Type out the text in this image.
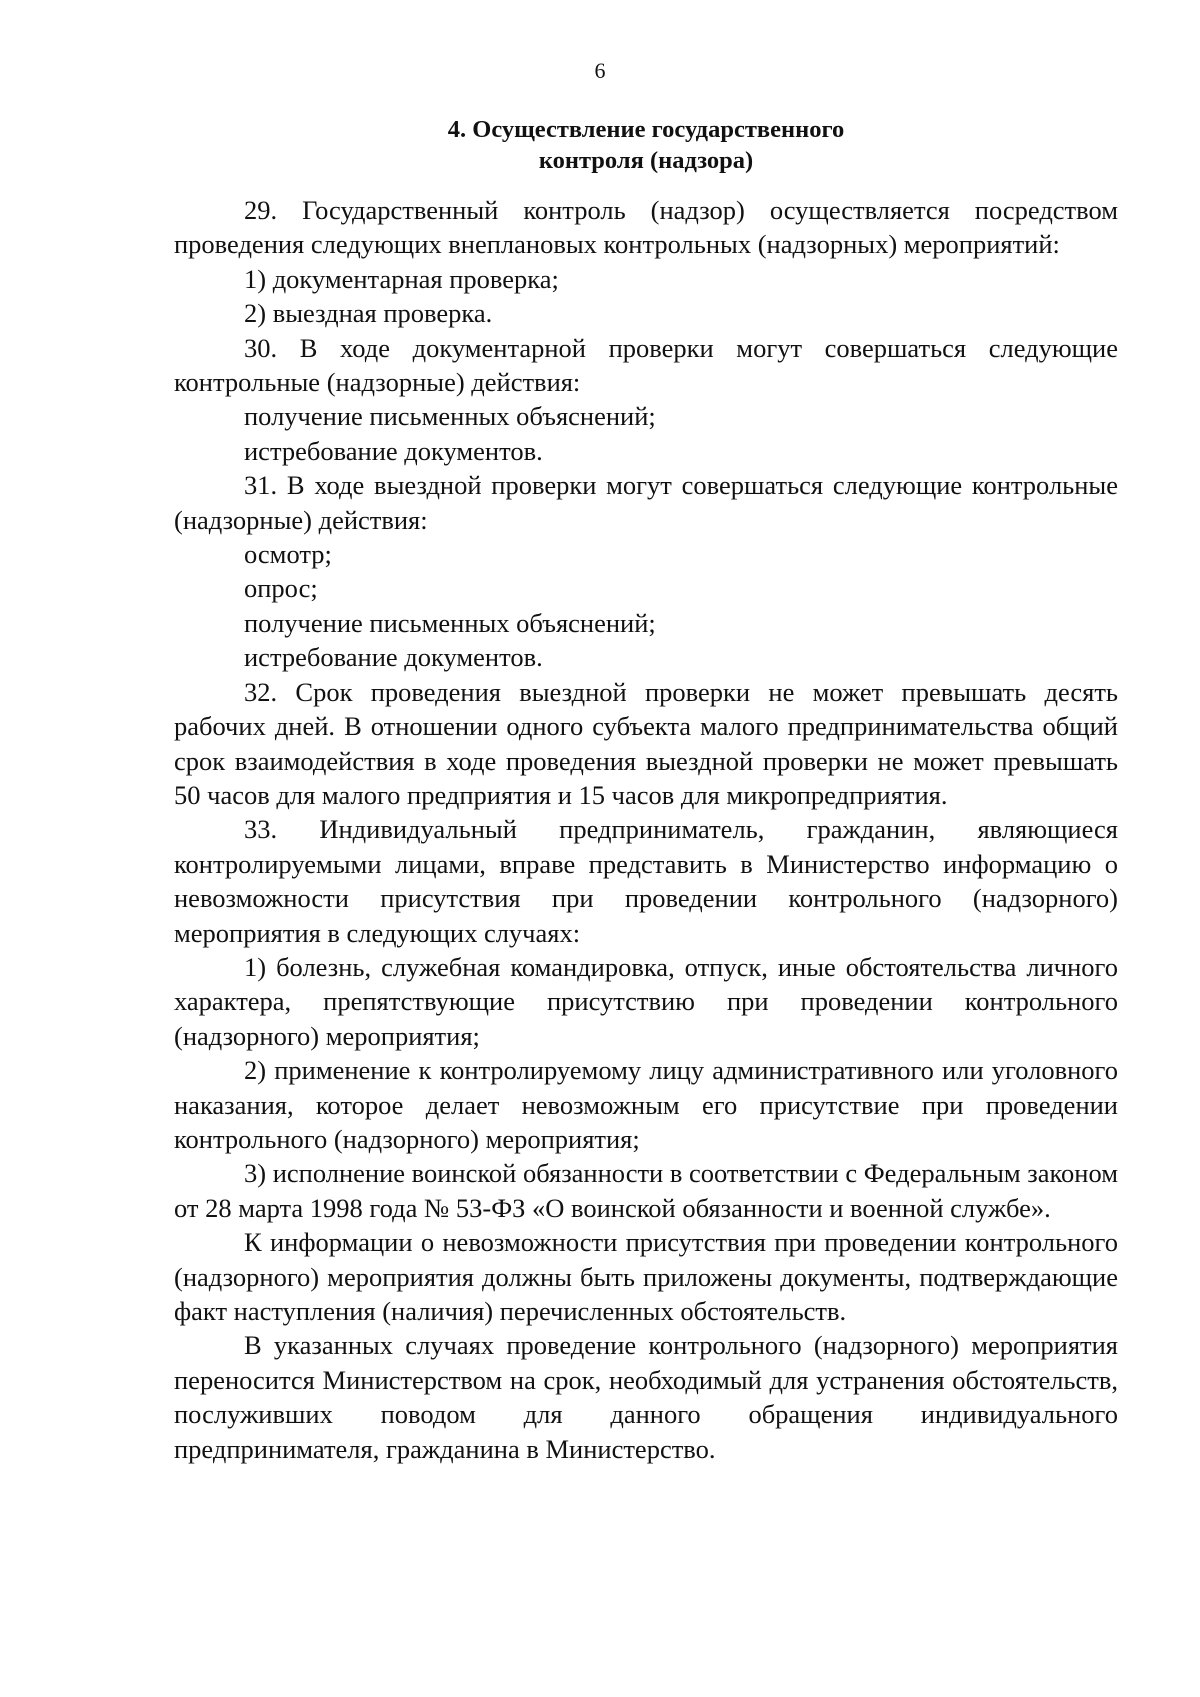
6
4. Осуществление государственного
контроля (надзора)

29. Государственный контроль (надзор) осуществляется посредством проведения следующих внеплановых контрольных (надзорных) мероприятий:

1) документарная проверка;

2) выездная проверка.

30. В ходе документарной проверки могут совершаться следующие контрольные (надзорные) действия:

получение письменных объяснений;

истребование документов.

31. В ходе выездной проверки могут совершаться следующие контрольные (надзорные) действия:

осмотр;

опрос;

получение письменных объяснений;

истребование документов.

32. Срок проведения выездной проверки не может превышать десять рабочих дней. В отношении одного субъекта малого предпринимательства общий срок взаимодействия в ходе проведения выездной проверки не может превышать 50 часов для малого предприятия и 15 часов для микропредприятия.

33. Индивидуальный предприниматель, гражданин, являющиеся контролируемыми лицами, вправе представить в Министерство информацию о невозможности присутствия при проведении контрольного (надзорного) мероприятия в следующих случаях:

1) болезнь, служебная командировка, отпуск, иные обстоятельства личного характера, препятствующие присутствию при проведении контрольного (надзорного) мероприятия;

2) применение к контролируемому лицу административного или уголовного наказания, которое делает невозможным его присутствие при проведении контрольного (надзорного) мероприятия;

3) исполнение воинской обязанности в соответствии с Федеральным законом от 28 марта 1998 года № 53-ФЗ «О воинской обязанности и военной службе».

К информации о невозможности присутствия при проведении контрольного (надзорного) мероприятия должны быть приложены документы, подтверждающие факт наступления (наличия) перечисленных обстоятельств.

В указанных случаях проведение контрольного (надзорного) мероприятия переносится Министерством на срок, необходимый для устранения обстоятельств, послуживших поводом для данного обращения индивидуального предпринимателя, гражданина в Министерство.
